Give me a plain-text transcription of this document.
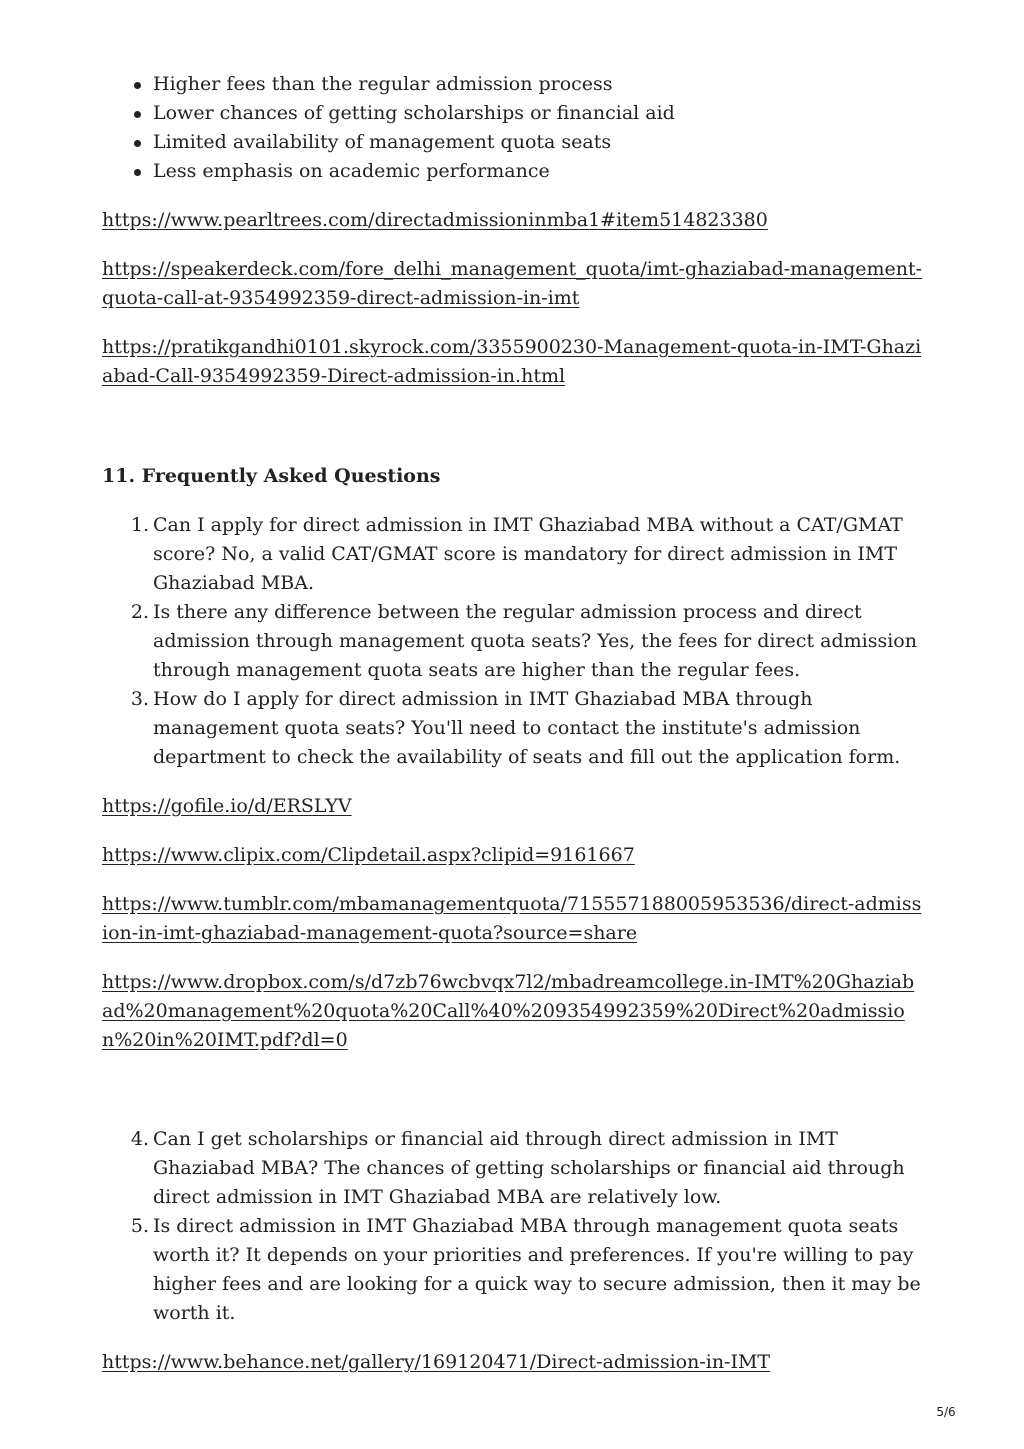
Higher fees than the regular admission process
Lower chances of getting scholarships or financial aid
Limited availability of management quota seats
Less emphasis on academic performance

https://www.pearltrees.com/directadmissioninmba1#item514823380

https://speakerdeck.com/fore_delhi_management_quota/imt-ghaziabad-management-quota-call-at-9354992359-direct-admission-in-imt

https://pratikgandhi0101.skyrock.com/3355900230-Management-quota-in-IMT-Ghaziabad-Call-9354992359-Direct-admission-in.html

11. Frequently Asked Questions
1. Can I apply for direct admission in IMT Ghaziabad MBA without a CAT/GMAT score? No, a valid CAT/GMAT score is mandatory for direct admission in IMT Ghaziabad MBA.
2. Is there any difference between the regular admission process and direct admission through management quota seats? Yes, the fees for direct admission through management quota seats are higher than the regular fees.
3. How do I apply for direct admission in IMT Ghaziabad MBA through management quota seats? You'll need to contact the institute's admission department to check the availability of seats and fill out the application form.

https://gofile.io/d/ERSLYV

https://www.clipix.com/Clipdetail.aspx?clipid=9161667

https://www.tumblr.com/mbamanagementquota/715557188005953536/direct-admission-in-imt-ghaziabad-management-quota?source=share

https://www.dropbox.com/s/d7zb76wcbvqx7l2/mbadreamcollege.in-IMT%20Ghaziabad%20management%20quota%20Call%40%209354992359%20Direct%20admission%20in%20IMT.pdf?dl=0

4. Can I get scholarships or financial aid through direct admission in IMT Ghaziabad MBA? The chances of getting scholarships or financial aid through direct admission in IMT Ghaziabad MBA are relatively low.
5. Is direct admission in IMT Ghaziabad MBA through management quota seats worth it? It depends on your priorities and preferences. If you're willing to pay higher fees and are looking for a quick way to secure admission, then it may be worth it.

https://www.behance.net/gallery/169120471/Direct-admission-in-IMT

5/6
